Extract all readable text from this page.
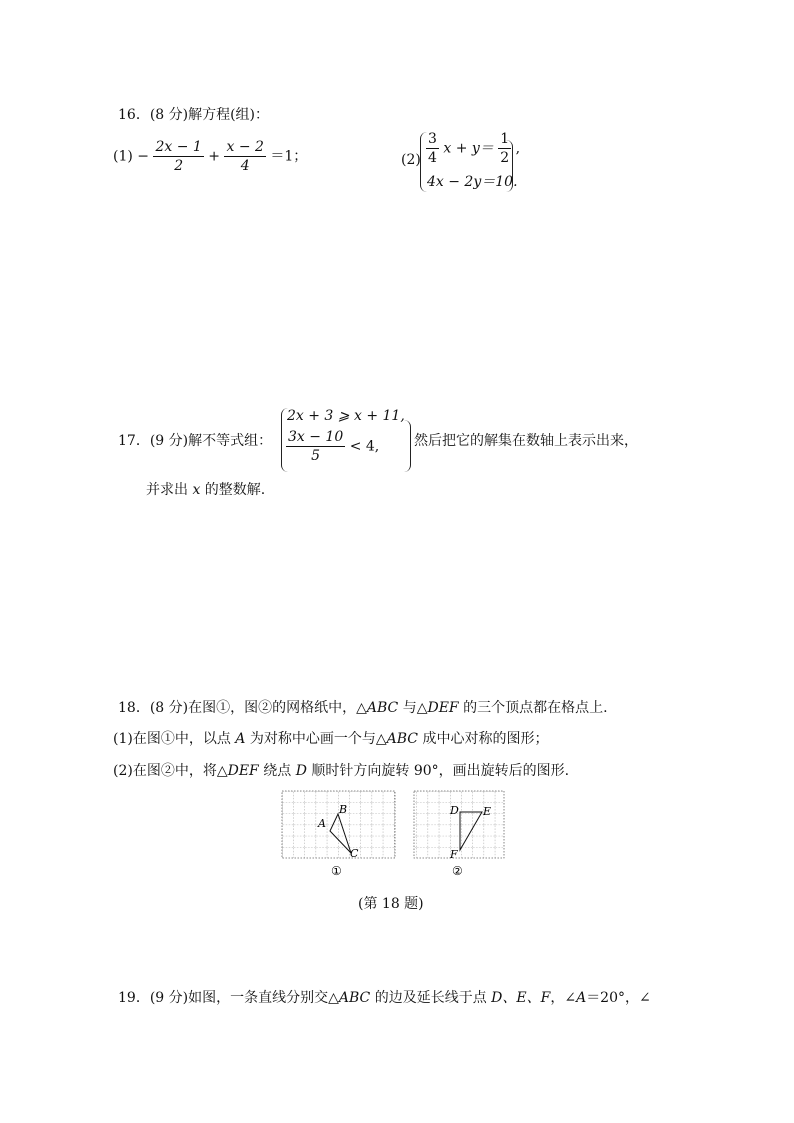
16．(8 分)解方程(组)：
$(1) - \frac{2x - 1}{2} + \frac{x - 2}{4} =1$；	$(2) \frac{3}{4}$ $x + y= \frac{1}{2}$ ,
4x − 2y＝10.
17．(9 分)解不等式组：
2x + 3 ⩾ x + 11,
$\frac{3x - 10}{5} < 4$, 然后把它的解集在数轴上表示出来，
并求出 x 的整数解.
18．(8 分)在图①，图②的网格纸中，△ABC 与△DEF 的三个顶点都在格点上.
(1)在图①中，以点 A 为对称中心画一个与△ABC 成中心对称的图形；
(2)在图②中，将△DEF 绕点 D 顺时针方向旋转 90°，画出旋转后的图形.
A
B
C
①
D E
F
②
(第 18 题)
19．(9 分)如图，一条直线分别交△ABC 的边及延长线于点 D、E、F，∠A＝20°，∠
